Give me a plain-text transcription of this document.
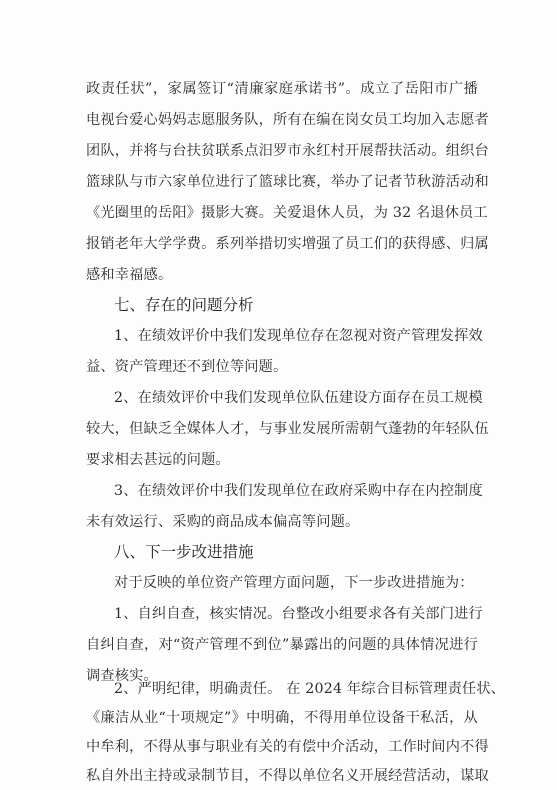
政责任状”，家属签订“清廉家庭承诺书”。成立了岳阳市广播
电视台爱心妈妈志愿服务队，所有在编在岗女员工均加入志愿者
团队，并将与台扶贫联系点汨罗市永红村开展帮扶活动。组织台
篮球队与市六家单位进行了篮球比赛，举办了记者节秋游活动和
《光圈里的岳阳》摄影大赛。关爱退休人员，为 32 名退休员工
报销老年大学学费。系列举措切实增强了员工们的获得感、归属
感和幸福感。
七、存在的问题分析
1、在绩效评价中我们发现单位存在忽视对资产管理发挥效
益、资产管理还不到位等问题。
2、在绩效评价中我们发现单位队伍建设方面存在员工规模
较大，但缺乏全媒体人才，与事业发展所需朝气蓬勃的年轻队伍
要求相去甚远的问题。
3、在绩效评价中我们发现单位在政府采购中存在内控制度
未有效运行、采购的商品成本偏高等问题。
八、下一步改进措施
对于反映的单位资产管理方面问题，下一步改进措施为：
1、自纠自查，核实情况。台整改小组要求各有关部门进行
自纠自查，对“资产管理不到位”暴露出的问题的具体情况进行
调查核实。
2、严明纪律，明确责任。 在 2024 年综合目标管理责任状、
《廉洁从业“十项规定”》中明确，不得用单位设备干私活，从
中牟利，不得从事与职业有关的有偿中介活动，工作时间内不得
私自外出主持或录制节目，不得以单位名义开展经营活动，谋取
